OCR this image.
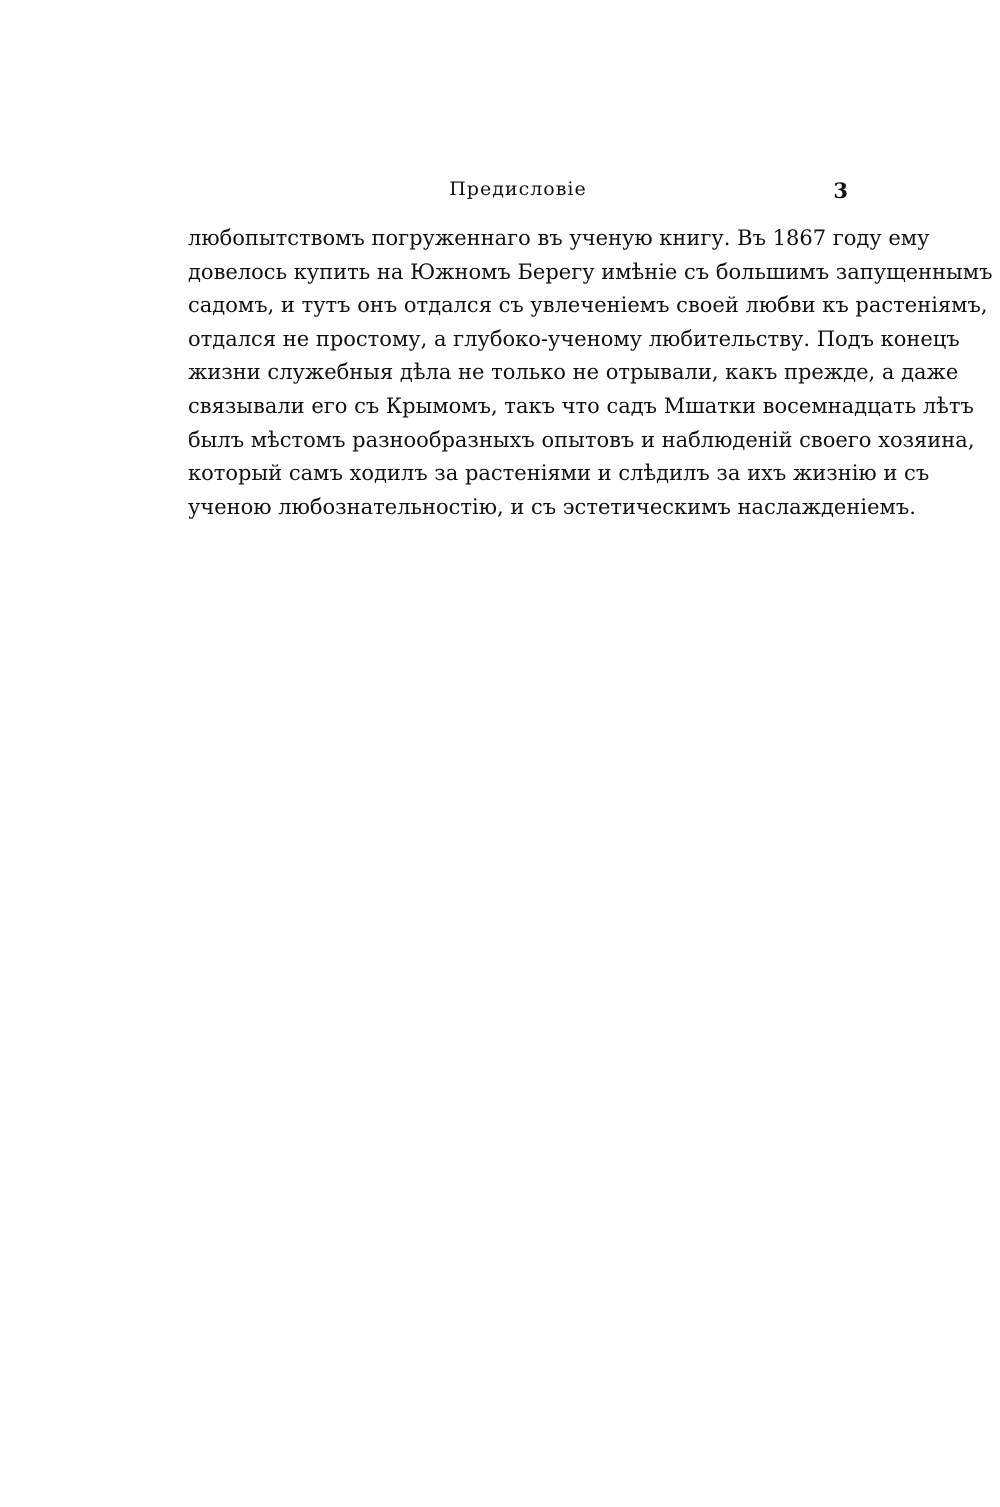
Предисловіе	3
любопытствомъ погруженнаго въ ученую книгу. Въ 1867 году ему
довелось купить на Южномъ Берегу имѣніе съ большимъ запущеннымъ
садомъ, и тутъ онъ отдался съ увлеченіемъ своей любви къ растеніямъ,
отдался не простому, а глубоко-ученому любительству. Подъ конецъ
жизни служебныя дѣла не только не отрывали, какъ прежде, а даже
связывали его съ Крымомъ, такъ что садъ Мшатки восемнадцать лѣтъ
былъ мѣстомъ разнообразныхъ опытовъ и наблюденій своего хозяина,
который самъ ходилъ за растеніями и слѣдилъ за ихъ жизнію и съ
ученою любознательностію, и съ эстетическимъ наслажденіемъ.
